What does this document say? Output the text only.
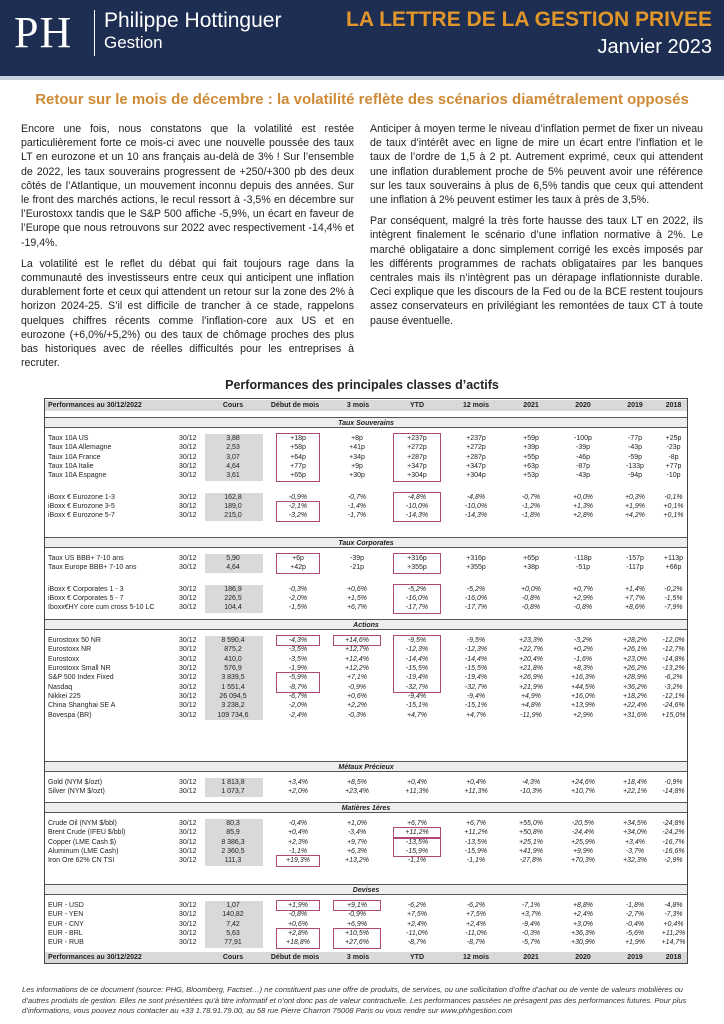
PH Philippe Hottinguer
Gestion
LA LETTRE DE LA GESTION PRIVEE
Janvier 2023
Retour sur le mois de décembre : la volatilité reflète des scénarios diamétralement opposés

Encore une fois, nous constatons que la volatilité est restée particulièrement forte ce mois-ci avec une nouvelle poussée des taux LT en eurozone et un 10 ans français au-delà de 3% ! Sur l’ensemble de 2022, les taux souverains progressent de +250/+300 pb des deux côtés de l’Atlantique, un mouvement inconnu depuis des années. Sur le front des marchés actions, le recul ressort à -3,5% en décembre sur l’Eurostoxx tandis que le S&P 500 affiche -5,9%, un écart en faveur de l’Europe que nous retrouvons sur 2022 avec respectivement -14,4% et -19,4%.

La volatilité est le reflet du débat qui fait toujours rage dans la communauté des investisseurs entre ceux qui anticipent une inflation durablement forte et ceux qui attendent un retour sur la zone des 2% à horizon 2024-25. S’il est difficile de trancher à ce stade, rappelons quelques chiffres récents comme l’inflation-core aux US et en eurozone (+6,0%/+5,2%) ou des taux de chômage proches des plus bas historiques avec de réelles difficultés pour les entreprises à recruter.

Anticiper à moyen terme le niveau d’inflation permet de fixer un niveau de taux d’intérêt avec en ligne de mire un écart entre l’inflation et le taux de l’ordre de 1,5 à 2 pt. Autrement exprimé, ceux qui attendent une inflation durablement proche de 5% peuvent avoir une référence sur les taux souverains à plus de 6,5% tandis que ceux qui attendent une inflation à 2% peuvent estimer les taux à près de 3,5%.

Par conséquent, malgré la très forte hausse des taux LT en 2022, ils intègrent finalement le scénario d’une inflation normative à 2%. Le marché obligataire a donc simplement corrigé les excès imposés par les différents programmes de rachats obligataires par les banques centrales mais ils n’intègrent pas un dérapage inflationniste durable. Ceci explique que les discours de la Fed ou de la BCE restent toujours assez conservateurs en privilégiant les remontées de taux CT à toute pause éventuelle.

Performances des principales classes d’actifs
Performances au 30/12/2022	Cours	Début de mois	3 mois	YTD	12 mois	2021	2020	2019	2018
Taux Souverains
Taux 10A US	30/12	3,88	+18p	+8p	+237p	+237p	+59p	-100p	-77p	+25p
Taux 10A Allemagne	30/12	2,53	+58p	+41p	+272p	+272p	+39p	-39p	-43p	-23p
Taux 10A France	30/12	3,07	+64p	+34p	+287p	+287p	+55p	-46p	-59p	-8p
Taux 10A Italie	30/12	4,64	+77p	+9p	+347p	+347p	+63p	-87p	-133p	+77p
Taux 10A Espagne	30/12	3,61	+65p	+30p	+304p	+304p	+53p	-43p	-94p	-10p
iBoxx € Eurozone 1-3	30/12	162,8	-0,9%	-0,7%	-4,8%	-4,8%	-0,7%	+0,0%	+0,3%	-0,1%
iBoxx € Eurozone 3-5	30/12	189,0	-2,1%	-1,4%	-10,0%	-10,0%	-1,2%	+1,3%	+1,9%	+0,1%
iBoxx € Eurozone 5-7	30/12	215,0	-3,2%	-1,7%	-14,3%	-14,3%	-1,8%	+2,8%	+4,2%	+0,1%
Taux Corporates
Taux US BBB+ 7-10 ans	30/12	5,90	+6p	-39p	+316p	+316p	+65p	-118p	-157p	+113p
Taux Europe BBB+ 7-10 ans	30/12	4,64	+42p	-21p	+355p	+355p	+38p	-51p	-117p	+66p
iBoxx € Corporates 1 - 3	30/12	186,9	-0,3%	+0,6%	-5,2%	-5,2%	+0,0%	+0,7%	+1,4%	-0,2%
iBoxx € Corporates 5 - 7	30/12	226,5	-2,0%	+1,5%	-16,0%	-16,0%	-0,8%	+2,9%	+7,7%	-1,5%
Iboxx€HY core cum cross 5-10 LC	30/12	104,4	-1,5%	+6,7%	-17,7%	-17,7%	-0,8%	-0,8%	+8,6%	-7,9%
Actions
Eurostoxx 50 NR	30/12	8 590,4	-4,3%	+14,6%	-9,5%	-9,5%	+23,3%	-3,2%	+28,2%	-12,0%
Eurostoxx NR	30/12	875,2	-3,5%	+12,7%	-12,3%	-12,3%	+22,7%	+0,2%	+26,1%	-12,7%
Eurostoxx	30/12	410,0	-3,5%	+12,4%	-14,4%	-14,4%	+20,4%	-1,6%	+23,0%	-14,8%
Eurostoxx Small NR	30/12	576,9	-1,9%	+12,2%	-15,5%	-15,5%	+21,8%	+8,3%	+26,2%	-13,2%
S&P 500 Index Fixed	30/12	3 839,5	-5,9%	+7,1%	-19,4%	-19,4%	+26,9%	+16,3%	+28,9%	-6,2%
Nasdaq	30/12	1 551,4	-8,7%	-0,9%	-32,7%	-32,7%	+21,9%	+44,5%	+36,2%	-3,2%
Nikkei 225	30/12	26 094,5	-6,7%	+0,6%	-9,4%	-9,4%	+4,9%	+16,0%	+18,2%	-12,1%
China Shanghai SE A	30/12	3 238,2	-2,0%	+2,2%	-15,1%	-15,1%	+4,8%	+13,9%	+22,4%	-24,6%
Bovespa (BR)	30/12	109 734,6	-2,4%	-0,3%	+4,7%	+4,7%	-11,9%	+2,9%	+31,6%	+15,0%
Métaux Précieux
Gold (NYM $/ozt)	30/12	1 813,8	+3,4%	+8,5%	+0,4%	+0,4%	-4,3%	+24,6%	+18,4%	-0,9%
Silver (NYM $/ozt)	30/12	1 073,7	+2,0%	+23,4%	+11,3%	+11,3%	-10,3%	+10,7%	+22,1%	-14,8%
Matières 1ères
Crude Oil (NYM $/bbl)	30/12	80,3	-0,4%	+1,0%	+6,7%	+6,7%	+55,0%	-20,5%	+34,5%	-24,8%
Brent Crude (IFEU $/bbl)	30/12	85,9	+0,4%	-3,4%	+11,2%	+11,2%	+50,8%	-24,4%	+34,0%	-24,2%
Copper (LME Cash $)	30/12	8 386,3	+2,3%	+9,7%	-13,5%	-13,5%	+25,1%	+25,9%	+3,4%	-16,7%
Aluminum (LME Cash)	30/12	2 360,5	-1,1%	+6,3%	-15,9%	-15,9%	+41,9%	+9,9%	-3,7%	-16,6%
Iron Ore 62% CN TSI	30/12	111,3	+19,3%	+13,2%	-1,1%	-1,1%	-27,8%	+70,3%	+32,3%	-2,9%
Devises
EUR - USD	30/12	1,07	+1,9%	+9,1%	-6,2%	-6,2%	-7,1%	+8,8%	-1,8%	-4,8%
EUR - YEN	30/12	140,82	-0,8%	-0,9%	+7,5%	+7,5%	+3,7%	+2,4%	-2,7%	-7,3%
EUR - CNY	30/12	7,42	+0,6%	+6,9%	+2,4%	+2,4%	-9,4%	+3,0%	-0,4%	+0,4%
EUR - BRL	30/12	5,63	+2,8%	+10,5%	-11,0%	-11,0%	-0,3%	+36,3%	-5,6%	+11,2%
EUR - RUB	30/12	77,91	+18,8%	+27,6%	-8,7%	-8,7%	-5,7%	+30,9%	+1,9%	+14,7%
Performances au 30/12/2022	Cours	Début de mois	3 mois	YTD	12 mois	2021	2020	2019	2018
Les informations de ce document (source: PHG, Bloomberg, Factset…) ne constituent pas une offre de produits, de services, ou une sollicitation d’offre d’achat ou de vente de valeurs mobilières ou d’autres produits de gestion. Elles ne sont présentées qu’à titre informatif et n’ont donc pas de valeur contractuelle. Les performances passées ne présagent pas des performances futures. Pour plus d’informations, vous pouvez nous contacter au +33 1.78.91.79.00, au 58 rue Pierre Charron 75008 Paris ou vous rendre sur www.phhgestion.com
